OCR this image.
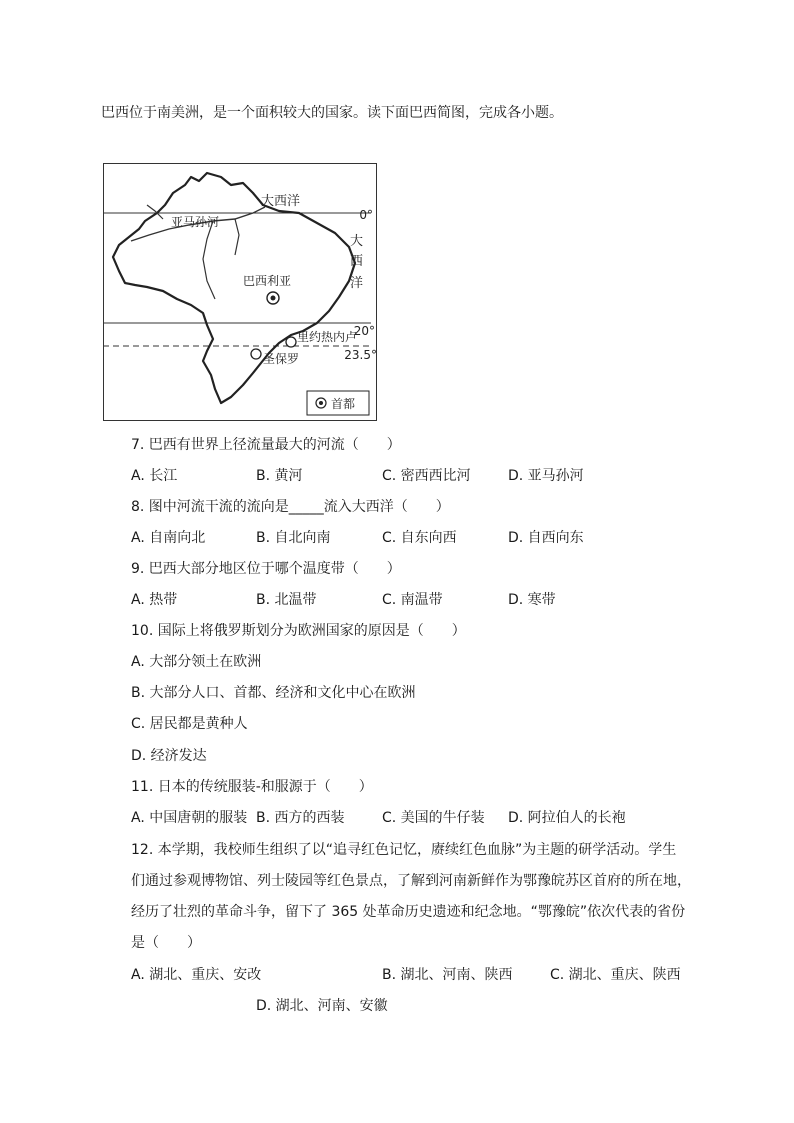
巴西位于南美洲，是一个面积较大的国家。读下面巴西简图，完成各小题。
大西洋
亚马孙河
大
西
洋
巴西利亚
里约热内卢
圣保罗
0°
20°
23.5°
首都
7. 巴西有世界上径流量最大的河流（　　）
A. 长江	B. 黄河	C. 密西西比河	D. 亚马孙河
8. 图中河流干流的流向是_____流入大西洋（　　）
A. 自南向北	B. 自北向南	C. 自东向西	D. 自西向东
9. 巴西大部分地区位于哪个温度带（　　）
A. 热带	B. 北温带	C. 南温带	D. 寒带
10. 国际上将俄罗斯划分为欧洲国家的原因是（　　）
A. 大部分领土在欧洲
B. 大部分人口、首都、经济和文化中心在欧洲
C. 居民都是黄种人
D. 经济发达
11. 日本的传统服装-和服源于（　　）
A. 中国唐朝的服装 B. 西方的西装	C. 美国的牛仔装 D. 阿拉伯人的长袍
12. 本学期，我校师生组织了以“追寻红色记忆，赓续红色血脉”为主题的研学活动。学生
们通过参观博物馆、列士陵园等红色景点，了解到河南新鲜作为鄂豫皖苏区首府的所在地，
经历了壮烈的革命斗争，留下了 365 处革命历史遗迹和纪念地。“鄂豫皖”依次代表的省份
是（　　）
A. 湖北、重庆、安改	B. 湖北、河南、陕西	C. 湖北、重庆、陕西
D. 湖北、河南、安徽
